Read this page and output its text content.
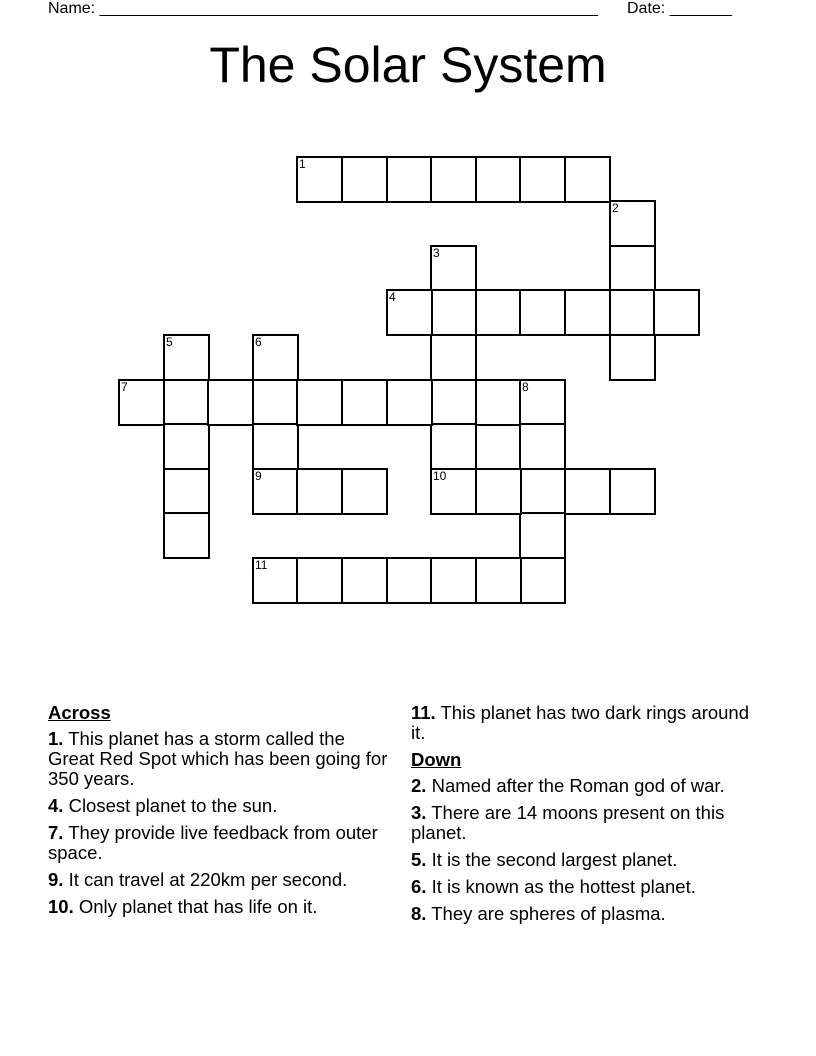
Name: ________________________________________________________ Date: _______
The Solar System
1
2
3
10
4
5	6
9
7	8
11
Across
1. This planet has a storm called the Great Red Spot which has been going for 350 years.
4. Closest planet to the sun.
7. They provide live feedback from outer space.
9. It can travel at 220km per second.
10. Only planet that has life on it.
11. This planet has two dark rings around it.
Down
2. Named after the Roman god of war.
3. There are 14 moons present on this planet.
5. It is the second largest planet.
6. It is known as the hottest planet.
8. They are spheres of plasma.
